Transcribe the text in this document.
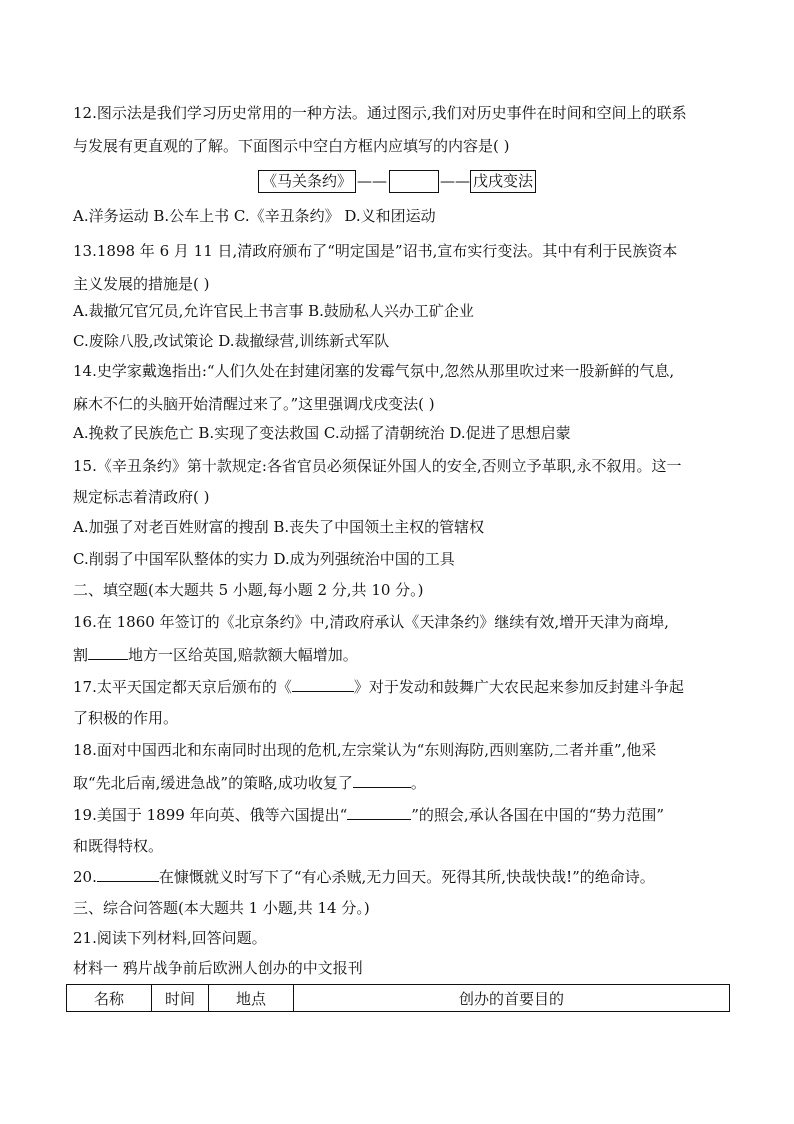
12.图示法是我们学习历史常用的一种方法。通过图示,我们对历史事件在时间和空间上的联系
与发展有更直观的了解。下面图示中空白方框内应填写的内容是( )
《马关条约》 ——	—— 戊戌变法
A.洋务运动 B.公车上书 C.《辛丑条约》 D.义和团运动
13.1898 年 6 月 11 日,清政府颁布了“明定国是”诏书,宣布实行变法。其中有利于民族资本
主义发展的措施是( )
A.裁撤冗官冗员,允许官民上书言事 B.鼓励私人兴办工矿企业
C.废除八股,改试策论 D.裁撤绿营,训练新式军队
14.史学家戴逸指出:“人们久处在封建闭塞的发霉气氛中,忽然从那里吹过来一股新鲜的气息,
麻木不仁的头脑开始清醒过来了。”这里强调戊戌变法( )
A.挽救了民族危亡 B.实现了变法救国 C.动摇了清朝统治 D.促进了思想启蒙
15.《辛丑条约》第十款规定:各省官员必须保证外国人的安全,否则立予革职,永不叙用。这一
规定标志着清政府( )
A.加强了对老百姓财富的搜刮 B.丧失了中国领土主权的管辖权
C.削弱了中国军队整体的实力 D.成为列强统治中国的工具
二、填空题(本大题共 5 小题,每小题 2 分,共 10 分。)
16.在 1860 年签订的《北京条约》中,清政府承认《天津条约》继续有效,增开天津为商埠,
割	地方一区给英国,赔款额大幅增加。
17.太平天国定都天京后颁布的《	》对于发动和鼓舞广大农民起来参加反封建斗争起
了积极的作用。
18.面对中国西北和东南同时出现的危机,左宗棠认为“东则海防,西则塞防,二者并重”,他采
取“先北后南,缓进急战”的策略,成功收复了	。
19.美国于 1899 年向英、俄等六国提出“	”的照会,承认各国在中国的“势力范围”
和既得特权。
20.	在慷慨就义时写下了“有心杀贼,无力回天。死得其所,快哉快哉!”的绝命诗。
三、综合问答题(本大题共 1 小题,共 14 分。)
21.阅读下列材料,回答问题。
材料一 鸦片战争前后欧洲人创办的中文报刊
名称	时间	地点	创办的首要目的
